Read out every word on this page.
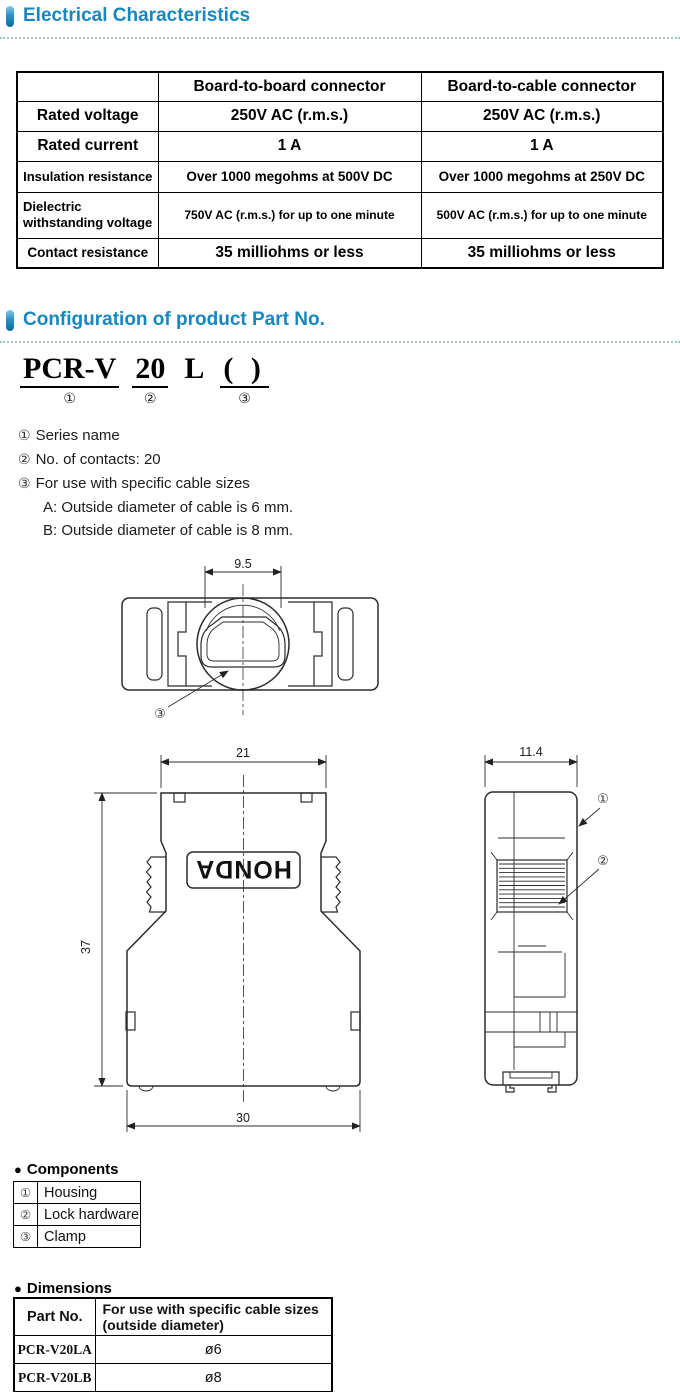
Electrical Characteristics
	Board-to-board connector	Board-to-cable connector
Rated voltage	250V AC (r.m.s.)	250V AC (r.m.s.)
Rated current	1 A	1 A
Insulation resistance	Over 1000 megohms at 500V DC	Over 1000 megohms at 250V DC
Dielectric withstanding voltage	750V AC (r.m.s.) for up to one minute	500V AC (r.m.s.) for up to one minute
Contact resistance	35 milliohms or less	35 milliohms or less
Configuration of product Part No.
PCR-V
①
20
②
L ( )
③
① Series name
② No. of contacts: 20
③ For use with specific cable sizes
A: Outside diameter of cable is 6 mm.
B: Outside diameter of cable is 8 mm.
9.5
③
HONDA
21
37
30
11.4
①
②
● Components
①	Housing
②	Lock hardware
③	Clamp
● Dimensions
Part No.	For use with specific cable sizes
(outside diameter)

PCR-V20LA	ø6
PCR-V20LB	ø8
